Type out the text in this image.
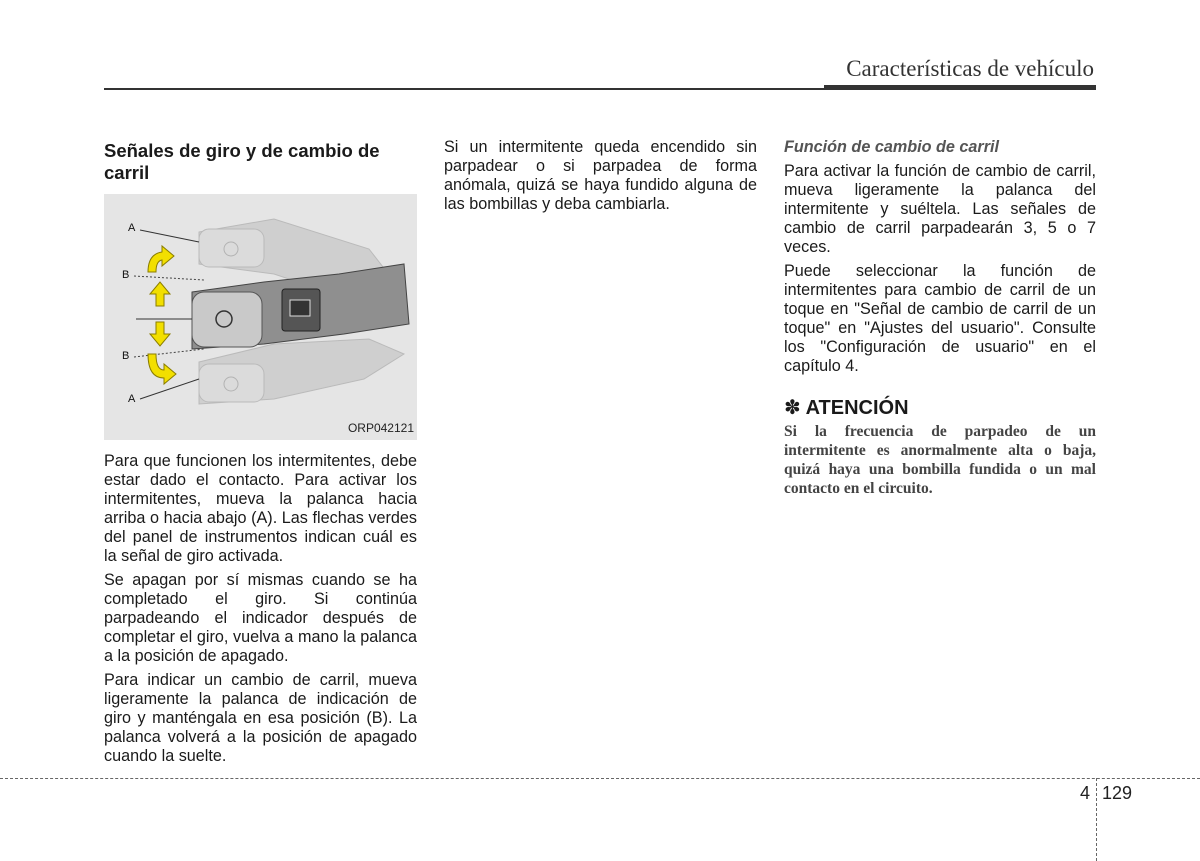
Características de vehículo
Señales de giro y de cambio de carril
A
B
B
A
ORP042121

Para que funcionen los intermitentes, debe estar dado el contacto. Para activar los intermitentes, mueva la palanca hacia arriba o hacia abajo (A). Las flechas verdes del panel de instrumentos indican cuál es la señal de giro activada.

Se apagan por sí mismas cuando se ha completado el giro. Si continúa parpadeando el indicador después de completar el giro, vuelva a mano la palanca a la posición de apagado.

Para indicar un cambio de carril, mueva ligeramente la palanca de indicación de giro y manténgala en esa posición (B). La palanca volverá a la posición de apagado cuando la suelte.

Si un intermitente queda encendido sin parpadear o si parpadea de forma anómala, quizá se haya fundido alguna de las bombillas y deba cambiarla.

Función de cambio de carril

Para activar la función de cambio de carril, mueva ligeramente la palanca del intermitente y suéltela. Las señales de cambio de carril parpadearán 3, 5 o 7 veces.

Puede seleccionar la función de intermitentes para cambio de carril de un toque en "Señal de cambio de carril de un toque" en "Ajustes del usuario". Consulte los "Configuración de usuario" en el capítulo 4.

✽ ATENCIÓN

Si la frecuencia de parpadeo de un intermitente es anormalmente alta o baja, quizá haya una bombilla fundida o un mal contacto en el circuito.

4 129
